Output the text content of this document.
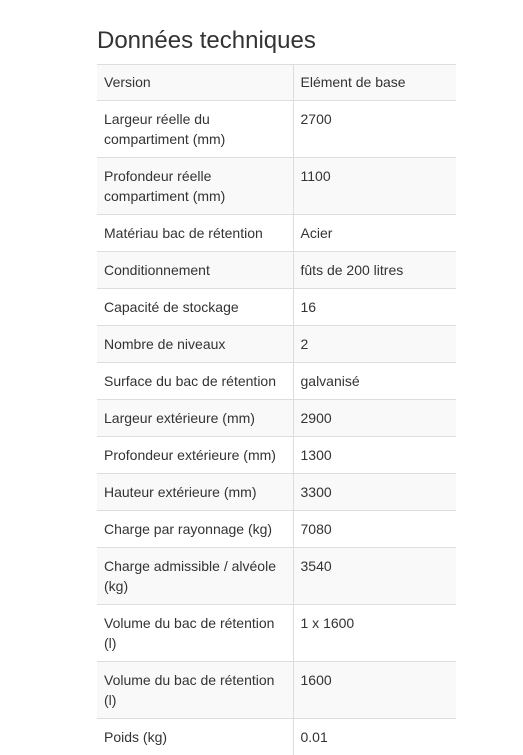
Données techniques
Version	Elément de base
Largeur réelle du compartiment (mm)	2700
Profondeur réelle compartiment (mm)	1100
Matériau bac de rétention	Acier
Conditionnement	fûts de 200 litres
Capacité de stockage	16
Nombre de niveaux	2
Surface du bac de rétention	galvanisé
Largeur extérieure (mm)	2900
Profondeur extérieure (mm)	1300
Hauteur extérieure (mm)	3300
Charge par rayonnage (kg)	7080
Charge admissible / alvéole (kg)	3540
Volume du bac de rétention (l)	1 x 1600
Volume du bac de rétention (l)	1600
Poids (kg)	0.01
